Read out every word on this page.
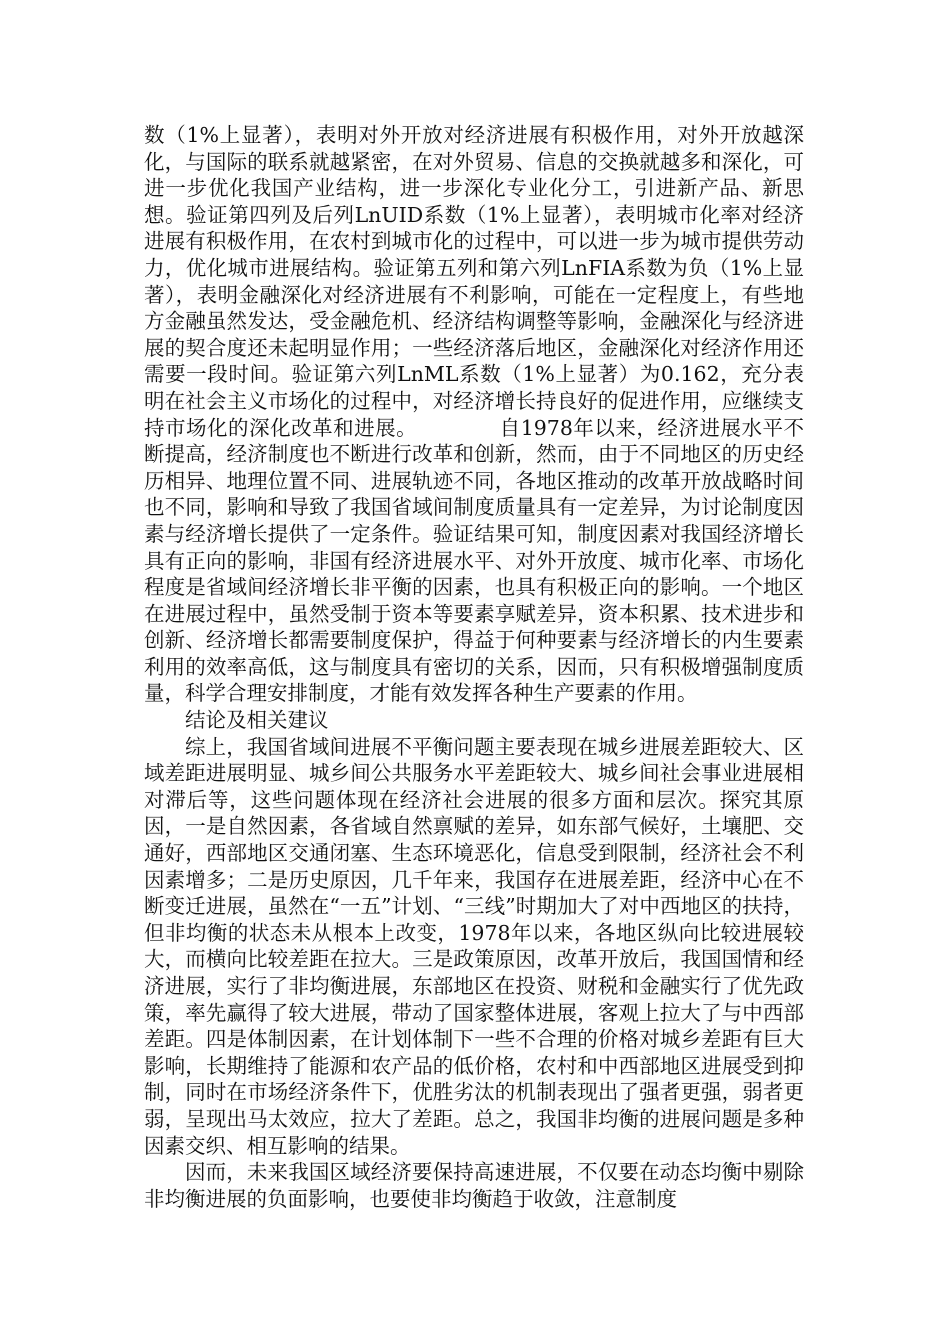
数（1%上显著），表明对外开放对经济进展有积极作用，对外开放越深化，与国际的联系就越紧密，在对外贸易、信息的交换就越多和深化，可进一步优化我国产业结构，进一步深化专业化分工，引进新产品、新思想。验证第四列及后列LnUID系数（1%上显著），表明城市化率对经济进展有积极作用，在农村到城市化的过程中，可以进一步为城市提供劳动力，优化城市进展结构。验证第五列和第六列LnFIA系数为负（1%上显著），表明金融深化对经济进展有不利影响，可能在一定程度上，有些地方金融虽然发达，受金融危机、经济结构调整等影响，金融深化与经济进展的契合度还未起明显作用；一些经济落后地区，金融深化对经济作用还需要一段时间。验证第六列LnML系数（1%上显著）为0.162，充分表明在社会主义市场化的过程中，对经济增长持良好的促进作用，应继续支持市场化的深化改革和进展。	自1978年以来，经济进展水平不断提高，经济制度也不断进行改革和创新，然而，由于不同地区的历史经历相异、地理位置不同、进展轨迹不同，各地区推动的改革开放战略时间也不同，影响和导致了我国省域间制度质量具有一定差异，为讨论制度因素与经济增长提供了一定条件。验证结果可知，制度因素对我国经济增长具有正向的影响，非国有经济进展水平、对外开放度、城市化率、市场化程度是省域间经济增长非平衡的因素，也具有积极正向的影响。一个地区在进展过程中，虽然受制于资本等要素享赋差异，资本积累、技术进步和创新、经济增长都需要制度保护，得益于何种要素与经济增长的内生要素利用的效率高低，这与制度具有密切的关系，因而，只有积极增强制度质量，科学合理安排制度，才能有效发挥各种生产要素的作用。

结论及相关建议

综上，我国省域间进展不平衡问题主要表现在城乡进展差距较大、区域差距进展明显、城乡间公共服务水平差距较大、城乡间社会事业进展相对滞后等，这些问题体现在经济社会进展的很多方面和层次。探究其原因，一是自然因素，各省域自然禀赋的差异，如东部气候好，土壤肥、交通好，西部地区交通闭塞、生态环境恶化，信息受到限制，经济社会不利因素增多；二是历史原因，几千年来，我国存在进展差距，经济中心在不断变迁进展，虽然在“一五”计划、“三线”时期加大了对中西地区的扶持，但非均衡的状态未从根本上改变，1978年以来，各地区纵向比较进展较大，而横向比较差距在拉大。三是政策原因，改革开放后，我国国情和经济进展，实行了非均衡进展，东部地区在投资、财税和金融实行了优先政策，率先赢得了较大进展，带动了国家整体进展，客观上拉大了与中西部差距。四是体制因素，在计划体制下一些不合理的价格对城乡差距有巨大影响，长期维持了能源和农产品的低价格，农村和中西部地区进展受到抑制，同时在市场经济条件下，优胜劣汰的机制表现出了强者更强，弱者更弱，呈现出马太效应，拉大了差距。总之，我国非均衡的进展问题是多种因素交织、相互影响的结果。

因而，未来我国区域经济要保持高速进展，不仅要在动态均衡中剔除非均衡进展的负面影响，也要使非均衡趋于收敛，注意制度
